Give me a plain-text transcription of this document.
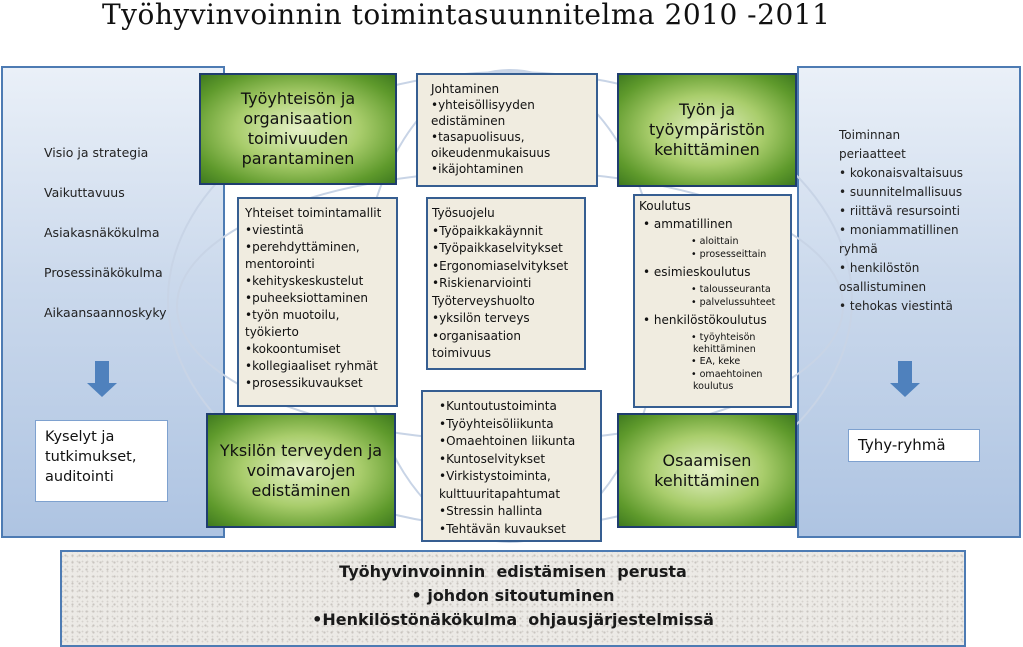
Työhyvinvoinnin toimintasuunnitelma 2010 -2011
Visio ja strategia
Vaikuttavuus
Asiakasnäkökulma
Prosessinäkökulma
Aikaansaannoskyky
Kyselyt ja
tutkimukset,
auditointi
Toiminnan
periaatteet
• kokonaisvaltaisuus
• suunnitelmallisuus
• riittävä resursointi
• moniammatillinen
ryhmä
• henkilöstön
osallistuminen
• tehokas viestintä
Tyhy-ryhmä
Työyhteisön ja
organisaation
toimivuuden
parantaminen
Työn ja työympäristön
kehittäminen
Yksilön terveyden ja
voimavarojen
edistäminen
Osaamisen
kehittäminen
Johtaminen
•yhteisöllisyyden
edistäminen
•tasapuolisuus,
oikeudenmukaisuus
•ikäjohtaminen
Yhteiset toimintamallit
•viestintä
•perehdyttäminen,
mentorointi
•kehityskeskustelut
•puheeksiottaminen
•työn muotoilu,
työkierto
•kokoontumiset
•kollegiaaliset ryhmät
•prosessikuvaukset
Työsuojelu
•Työpaikkakäynnit
•Työpaikkaselvitykset
•Ergonomiaselvitykset
•Riskienarviointi
Työterveyshuolto
•yksilön terveys
•organisaation
toimivuus
Koulutus
• ammatillinen
• aloittain
• prosesseittain
• esimieskoulutus
• talousseuranta
• palvelussuhteet
• henkilöstökoulutus
• työyhteisön
kehittäminen
• EA, keke
• omaehtoinen
koulutus
•Kuntoutustoiminta
•Työyhteisöliikunta
•Omaehtoinen liikunta
•Kuntoselvitykset
•Virkistystoiminta,
kulttuuritapahtumat
•Stressin hallinta
•Tehtävän kuvaukset
Työhyvinvoinnin  edistämisen  perusta
• johdon sitoutuminen
•Henkilöstönäkökulma  ohjausjärjestelmissä
